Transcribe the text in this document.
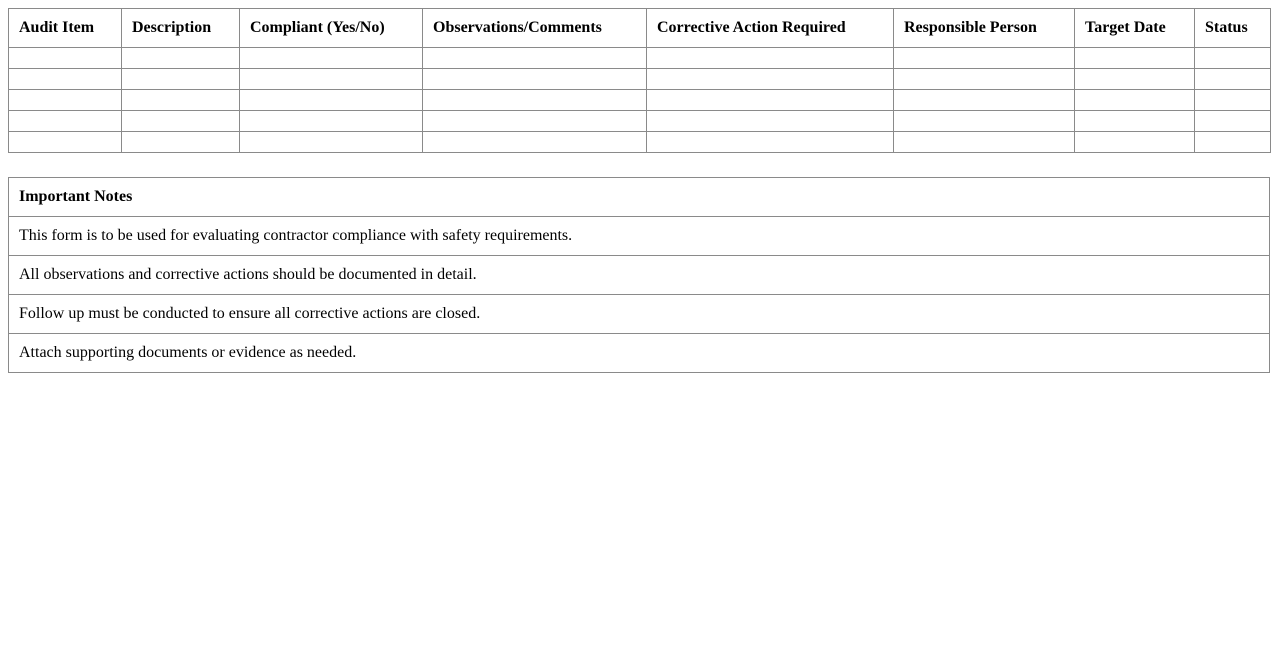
Audit Item	Description	Compliant (Yes/No)	Observations/Comments	Corrective Action Required	Responsible Person	Target Date	Status

Important Notes
This form is to be used for evaluating contractor compliance with safety requirements.
All observations and corrective actions should be documented in detail.
Follow up must be conducted to ensure all corrective actions are closed.
Attach supporting documents or evidence as needed.
